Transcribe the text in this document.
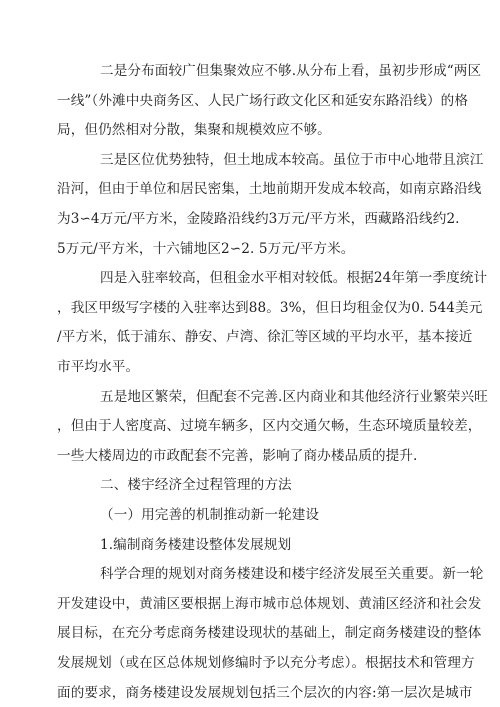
二是分布面较广但集聚效应不够.从分布上看，虽初步形成“两区
一线”（外滩中央商务区、人民广场行政文化区和延安东路沿线）的格
局，但仍然相对分散，集聚和规模效应不够。
三是区位优势独特，但土地成本较高。虽位于市中心地带且滨江
沿河，但由于单位和居民密集，土地前期开发成本较高，如南京路沿线
为3∽4万元/平方米，金陵路沿线约3万元/平方米，西藏路沿线约2.
5万元/平方米，十六铺地区2∽2. 5万元/平方米。
四是入驻率较高，但租金水平相对较低。根据24年第一季度统计
，我区甲级写字楼的入驻率达到88。3%，但日均租金仅为0. 544美元
/平方米，低于浦东、静安、卢湾、徐汇等区域的平均水平，基本接近
市平均水平。
五是地区繁荣，但配套不完善.区内商业和其他经济行业繁荣兴旺
，但由于人密度高、过境车辆多，区内交通欠畅，生态环境质量较差，
一些大楼周边的市政配套不完善，影响了商办楼品质的提升.
二、楼宇经济全过程管理的方法
（一）用完善的机制推动新一轮建设
1.编制商务楼建设整体发展规划
科学合理的规划对商务楼建设和楼宇经济发展至关重要。新一轮
开发建设中，黄浦区要根据上海市城市总体规划、黄浦区经济和社会发
展目标，在充分考虑商务楼建设现状的基础上，制定商务楼建设的整体
发展规划（或在区总体规划修编时予以充分考虑）。根据技术和管理方
面的要求，商务楼建设发展规划包括三个层次的内容:第一层次是城市
